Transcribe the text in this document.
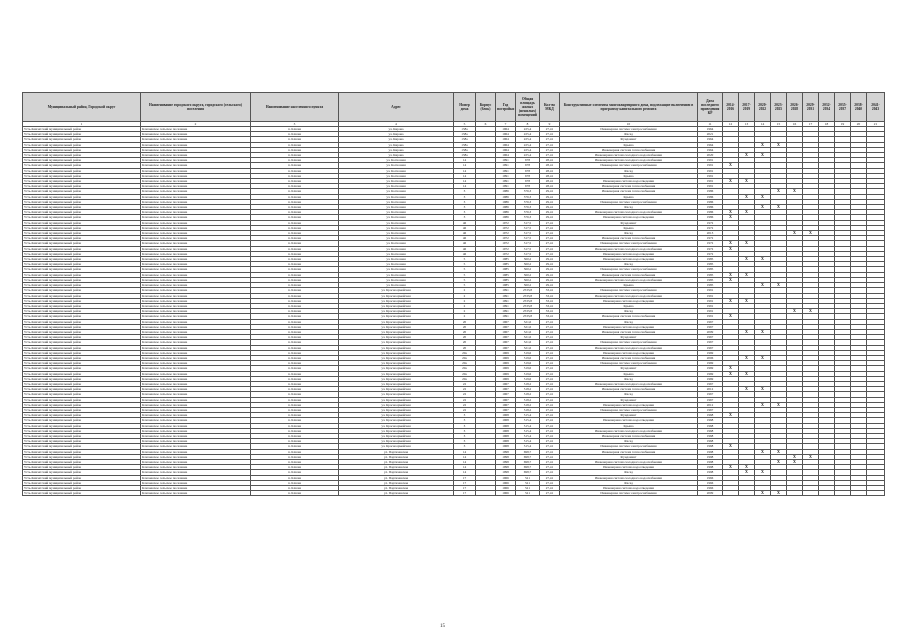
Муниципальный район, Городской округ	Наименование городского округа, городского (сельского) поселения	Наименование населенного пункта	Адрес	Номер дома	Корпус (блок)	Год постройки	Общая площадь жилых (нежилых) помещений	Кол-во МКД	Конструктивные элементы многоквартирного дома, подлежащие включению в программу капитального ремонта	Дата последнего проведения КР	2014-2016	2017-2019	2020-2022	2023-2025	2026-2028	2029-2031	2032-2034	2035-2037	2038-2040	2041-2043
1	2	3	4	5	6	7	8	9	10	11	12	13	14	15	16	17	18	19	20	21
Усть-Камчатский муниципальный район	Ключевское сельское поселение	п. Ключи	ул. Кирова	138а		1964	225,4	27,41	Инженерная система электроснабжения	1964										
Усть-Камчатский муниципальный район	Ключевское сельское поселение	п. Ключи	ул. Кирова	138а		1964	225,4	27,41	Фасад	2021										
Усть-Камчатский муниципальный район	Ключевское сельское поселение	п. Ключи	ул. Кирова	138а		1964	225,4	27,41	Фундамент	1964										
Усть-Камчатский муниципальный район	Ключевское сельское поселение	п. Ключи	ул. Кирова	138а		1964	225,4	27,41	Крыша	1964			X	X						
Усть-Камчатский муниципальный район	Ключевское сельское поселение	п. Ключи	ул. Кирова	138а		1964	225,4	27,41	Инженерная система теплоснабжения	1964										
Усть-Камчатский муниципальный район	Ключевское сельское поселение	п. Ключи	ул. Кирова	138а		1964	225,4	27,41	Инженерная система холодного водоснабжения	2020		X	X							
Усть-Камчатский муниципальный район	Ключевское сельское поселение	п. Ключи	ул. Колхозная	14		1991	678	28,41	Инженерная система холодного водоснабжения	1991										
Усть-Камчатский муниципальный район	Ключевское сельское поселение	п. Ключи	ул. Колхозная	14		1991	678	28,41	Инженерная система электроснабжения	1991	X									
Усть-Камчатский муниципальный район	Ключевское сельское поселение	п. Ключи	ул. Колхозная	14		1991	678	28,41	Фасад	1991										
Усть-Камчатский муниципальный район	Ключевское сельское поселение	п. Ключи	ул. Колхозная	14		1991	678	28,41	Крыша	1991										
Усть-Камчатский муниципальный район	Ключевское сельское поселение	п. Ключи	ул. Колхозная	14		1991	678	28,41	Инженерная система водоотведения	1991	X	X								
Усть-Камчатский муниципальный район	Ключевское сельское поселение	п. Ключи	ул. Колхозная	14		1991	678	28,41	Инженерная система теплоснабжения	1991										
Усть-Камчатский муниципальный район	Ключевское сельское поселение	п. Ключи	ул. Колхозная	3		1986	576,3	29,41	Инженерная система теплоснабжения	1986				X	X					
Усть-Камчатский муниципальный район	Ключевское сельское поселение	п. Ключи	ул. Колхозная	3		1986	576,3	29,41	Крыша	1986		X	X							
Усть-Камчатский муниципальный район	Ключевское сельское поселение	п. Ключи	ул. Колхозная	3		1986	576,3	29,41	Инженерная система электроснабжения	1986										
Усть-Камчатский муниципальный район	Ключевское сельское поселение	п. Ключи	ул. Колхозная	3		1986	576,3	29,41	Фасад	1986			X	X						
Усть-Камчатский муниципальный район	Ключевское сельское поселение	п. Ключи	ул. Колхозная	3		1986	576,3	29,41	Инженерная система холодного водоснабжения	1986	X	X								
Усть-Камчатский муниципальный район	Ключевское сельское поселение	п. Ключи	ул. Колхозная	3		1986	576,3	29,41	Инженерная система водоотведения	1986	X									
Усть-Камчатский муниципальный район	Ключевское сельское поселение	п. Ключи	ул. Колхозная	46		1972	317,5	27,41	Фундамент	1972										
Усть-Камчатский муниципальный район	Ключевское сельское поселение	п. Ключи	ул. Колхозная	46		1972	317,5	27,41	Крыша	1972										
Усть-Камчатский муниципальный район	Ключевское сельское поселение	п. Ключи	ул. Колхозная	46		1972	317,5	27,41	Фасад	2013					X	X				
Усть-Камчатский муниципальный район	Ключевское сельское поселение	п. Ключи	ул. Колхозная	46		1972	317,5	27,41	Инженерная система теплоснабжения	1972										
Усть-Камчатский муниципальный район	Ключевское сельское поселение	п. Ключи	ул. Колхозная	46		1972	317,5	27,41	Инженерная система электроснабжения	1972	X	X								
Усть-Камчатский муниципальный район	Ключевское сельское поселение	п. Ключи	ул. Колхозная	46		1972	317,5	27,41	Инженерная система холодного водоснабжения	1972	X									
Усть-Камчатский муниципальный район	Ключевское сельское поселение	п. Ключи	ул. Колхозная	46		1972	317,5	27,41	Инженерная система водоотведения	1972										
Усть-Камчатский муниципальный район	Ключевское сельское поселение	п. Ключи	ул. Колхозная	5		1985	560,2	29,41	Инженерная система водоотведения	1985		X	X							
Усть-Камчатский муниципальный район	Ключевское сельское поселение	п. Ключи	ул. Колхозная	5		1985	560,2	29,41	Фасад	1985										
Усть-Камчатский муниципальный район	Ключевское сельское поселение	п. Ключи	ул. Колхозная	5		1985	560,2	29,41	Инженерная система электроснабжения	1985										
Усть-Камчатский муниципальный район	Ключевское сельское поселение	п. Ключи	ул. Колхозная	5		1985	560,2	29,41	Инженерная система теплоснабжения	1985	X	X								
Усть-Камчатский муниципальный район	Ключевское сельское поселение	п. Ключи	ул. Колхозная	5		1985	560,2	29,41	Инженерная система холодного водоснабжения	1985	X									
Усть-Камчатский муниципальный район	Ключевское сельское поселение	п. Ключи	ул. Колхозная	5		1985	560,2	29,41	Крыша	1985			X	X						
Усть-Камчатский муниципальный район	Ключевское сельское поселение	п. Ключи	ул. Красноармейская	2		1991	2533,8	33,41	Инженерная система электроснабжения	1991										
Усть-Камчатский муниципальный район	Ключевское сельское поселение	п. Ключи	ул. Красноармейская	2		1991	2533,8	33,41	Инженерная система холодного водоснабжения	1991										
Усть-Камчатский муниципальный район	Ключевское сельское поселение	п. Ключи	ул. Красноармейская	2		1991	2533,8	33,41	Инженерная система водоотведения	1991	X	X								
Усть-Камчатский муниципальный район	Ключевское сельское поселение	п. Ключи	ул. Красноармейская	2		1991	2533,8	33,41	Крыша	1991										
Усть-Камчатский муниципальный район	Ключевское сельское поселение	п. Ключи	ул. Красноармейская	2		1991	2533,8	33,41	Фасад	1991					X	X				
Усть-Камчатский муниципальный район	Ключевское сельское поселение	п. Ключи	ул. Красноармейская	2		1991	2533,8	33,41	Инженерная система теплоснабжения	1991	X									
Усть-Камчатский муниципальный район	Ключевское сельское поселение	п. Ключи	ул. Красноармейская	20		1967	521,6	27,41	Фасад	1967										
Усть-Камчатский муниципальный район	Ключевское сельское поселение	п. Ключи	ул. Красноармейская	20		1967	521,6	27,41	Инженерная система водоотведения	1967										
Усть-Камчатский муниципальный район	Ключевское сельское поселение	п. Ключи	ул. Красноармейская	20		1967	521,6	27,41	Инженерная система теплоснабжения	2009		X	X							
Усть-Камчатский муниципальный район	Ключевское сельское поселение	п. Ключи	ул. Красноармейская	20		1967	521,6	27,41	Фундамент	1967										
Усть-Камчатский муниципальный район	Ключевское сельское поселение	п. Ключи	ул. Красноармейская	20		1967	521,6	27,41	Инженерная система электроснабжения	1967										
Усть-Камчатский муниципальный район	Ключевское сельское поселение	п. Ключи	ул. Красноармейская	20		1967	521,6	27,41	Инженерная система холодного водоснабжения	1967										
Усть-Камчатский муниципальный район	Ключевское сельское поселение	п. Ключи	ул. Красноармейская	20а		1969	519,6	27,41	Инженерная система водоотведения	1969										
Усть-Камчатский муниципальный район	Ключевское сельское поселение	п. Ключи	ул. Красноармейская	20а		1969	519,6	27,41	Инженерная система теплоснабжения	2006		X	X							
Усть-Камчатский муниципальный район	Ключевское сельское поселение	п. Ключи	ул. Красноармейская	20а		1969	519,6	27,41	Инженерная система электроснабжения	1969										
Усть-Камчатский муниципальный район	Ключевское сельское поселение	п. Ключи	ул. Красноармейская	20а		1969	519,6	27,41	Фундамент	1969	X									
Усть-Камчатский муниципальный район	Ключевское сельское поселение	п. Ключи	ул. Красноармейская	20а		1969	519,6	27,41	Крыша	1969	X	X								
Усть-Камчатский муниципальный район	Ключевское сельское поселение	п. Ключи	ул. Красноармейская	20а		1969	519,6	27,41	Фасад	1969										
Усть-Камчатский муниципальный район	Ключевское сельское поселение	п. Ключи	ул. Красноармейская	22		1967	518,2	27,41	Инженерная система холодного водоснабжения	1967										
Усть-Камчатский муниципальный район	Ключевское сельское поселение	п. Ключи	ул. Красноармейская	22		1967	518,2	27,41	Инженерная система теплоснабжения	2012		X	X							
Усть-Камчатский муниципальный район	Ключевское сельское поселение	п. Ключи	ул. Красноармейская	22		1967	518,2	27,41	Фасад	1967										
Усть-Камчатский муниципальный район	Ключевское сельское поселение	п. Ключи	ул. Красноармейская	22		1967	518,2	27,41	Фундамент	1967										
Усть-Камчатский муниципальный район	Ключевское сельское поселение	п. Ключи	ул. Красноармейская	22		1967	518,2	27,41	Инженерная система водоотведения	2012			X	X						
Усть-Камчатский муниципальный район	Ключевское сельское поселение	п. Ключи	ул. Красноармейская	22		1967	518,2	27,41	Инженерная система электроснабжения	1967										
Усть-Камчатский муниципальный район	Ключевское сельское поселение	п. Ключи	ул. Красноармейская	3		1968	515,4	27,41	Фундамент	1968	X									
Усть-Камчатский муниципальный район	Ключевское сельское поселение	п. Ключи	ул. Красноармейская	3		1968	515,4	27,41	Инженерная система водоотведения	1968										
Усть-Камчатский муниципальный район	Ключевское сельское поселение	п. Ключи	ул. Красноармейская	3		1968	515,4	27,41	Крыша	1968										
Усть-Камчатский муниципальный район	Ключевское сельское поселение	п. Ключи	ул. Красноармейская	3		1968	515,4	27,41	Инженерная система холодного водоснабжения	1968										
Усть-Камчатский муниципальный район	Ключевское сельское поселение	п. Ключи	ул. Красноармейская	3		1968	515,4	27,41	Инженерная система теплоснабжения	1968										
Усть-Камчатский муниципальный район	Ключевское сельское поселение	п. Ключи	ул. Красноармейская	3		1968	515,4	27,41	Фасад	1968										
Усть-Камчатский муниципальный район	Ключевское сельское поселение	п. Ключи	ул. Красноармейская	3		1968	515,4	27,41	Инженерная система электроснабжения	1968	X									
Усть-Камчатский муниципальный район	Ключевское сельское поселение	п. Ключи	ул. Партизанская	14		1998	698,7	27,41	Инженерная система теплоснабжения	1998			X	X						
Усть-Камчатский муниципальный район	Ключевское сельское поселение	п. Ключи	ул. Партизанская	14		1998	698,7	27,41	Фундамент	1998					X	X				
Усть-Камчатский муниципальный район	Ключевское сельское поселение	п. Ключи	ул. Партизанская	14		1998	698,7	27,41	Инженерная система холодного водоснабжения	1998				X	X					
Усть-Камчатский муниципальный район	Ключевское сельское поселение	п. Ключи	ул. Партизанская	14		1998	698,7	27,41	Инженерная система водоотведения	1998	X	X								
Усть-Камчатский муниципальный район	Ключевское сельское поселение	п. Ключи	ул. Партизанская	14		1998	698,7	27,41	Фасад	1998		X	X							
Усть-Камчатский муниципальный район	Ключевское сельское поселение	п. Ключи	ул. Партизанская	17		1966	521	27,41	Инженерная система холодного водоснабжения	1966										
Усть-Камчатский муниципальный район	Ключевское сельское поселение	п. Ключи	ул. Партизанская	17		1966	521	27,41	Фасад	1966										
Усть-Камчатский муниципальный район	Ключевское сельское поселение	п. Ключи	ул. Партизанская	17		1966	521	27,41	Инженерная система водоотведения	1966										
Усть-Камчатский муниципальный район	Ключевское сельское поселение	п. Ключи	ул. Партизанская	17		1966	521	27,41	Инженерная система электроснабжения	2009			X	X						
15
